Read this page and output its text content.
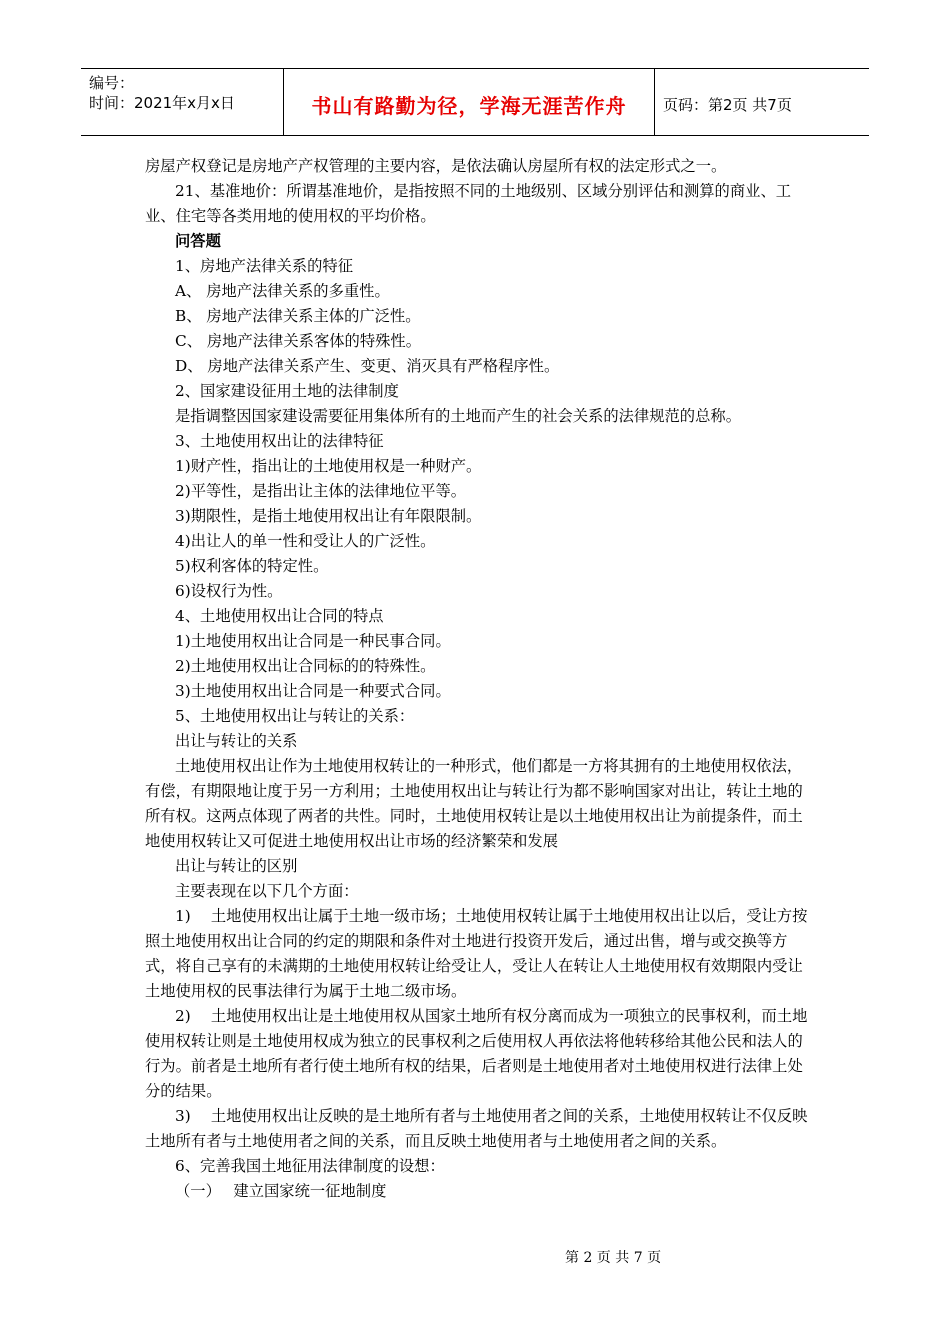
编号：
时间：2021年x月x日	书山有路勤为径，学海无涯苦作舟	页码：第2页 共7页

房屋产权登记是房地产产权管理的主要内容，是依法确认房屋所有权的法定形式之一。

21、基准地价：所谓基准地价，是指按照不同的土地级别、区域分别评估和测算的商业、工业、住宅等各类用地的使用权的平均价格。

问答题

1、房地产法律关系的特征

A、 房地产法律关系的多重性。

B、 房地产法律关系主体的广泛性。

C、 房地产法律关系客体的特殊性。

D、 房地产法律关系产生、变更、消灭具有严格程序性。

2、国家建设征用土地的法律制度

是指调整因国家建设需要征用集体所有的土地而产生的社会关系的法律规范的总称。

3、土地使用权出让的法律特征

1)财产性，指出让的土地使用权是一种财产。

2)平等性，是指出让主体的法律地位平等。

3)期限性，是指土地使用权出让有年限限制。

4)出让人的单一性和受让人的广泛性。

5)权利客体的特定性。

6)设权行为性。

4、土地使用权出让合同的特点

1)土地使用权出让合同是一种民事合同。

2)土地使用权出让合同标的的特殊性。

3)土地使用权出让合同是一种要式合同。

5、土地使用权出让与转让的关系：

出让与转让的关系

土地使用权出让作为土地使用权转让的一种形式，他们都是一方将其拥有的土地使用权依法，有偿，有期限地让度于另一方利用；土地使用权出让与转让行为都不影响国家对出让，转让土地的所有权。这两点体现了两者的共性。同时，土地使用权转让是以土地使用权出让为前提条件，而土地使用权转让又可促进土地使用权出让市场的经济繁荣和发展

出让与转让的区别

主要表现在以下几个方面：

1)　 土地使用权出让属于土地一级市场；土地使用权转让属于土地使用权出让以后，受让方按照土地使用权出让合同的约定的期限和条件对土地进行投资开发后，通过出售，增与或交换等方式，将自己享有的未满期的土地使用权转让给受让人，受让人在转让人土地使用权有效期限内受让土地使用权的民事法律行为属于土地二级市场。

2)　 土地使用权出让是土地使用权从国家土地所有权分离而成为一项独立的民事权利，而土地使用权转让则是土地使用权成为独立的民事权利之后使用权人再依法将他转移给其他公民和法人的行为。前者是土地所有者行使土地所有权的结果，后者则是土地使用者对土地使用权进行法律上处分的结果。

3)　 土地使用权出让反映的是土地所有者与土地使用者之间的关系，土地使用权转让不仅反映土地所有者与土地使用者之间的关系，而且反映土地使用者与土地使用者之间的关系。

6、完善我国土地征用法律制度的设想：

（一）　 建立国家统一征地制度

第 2 页 共 7 页
